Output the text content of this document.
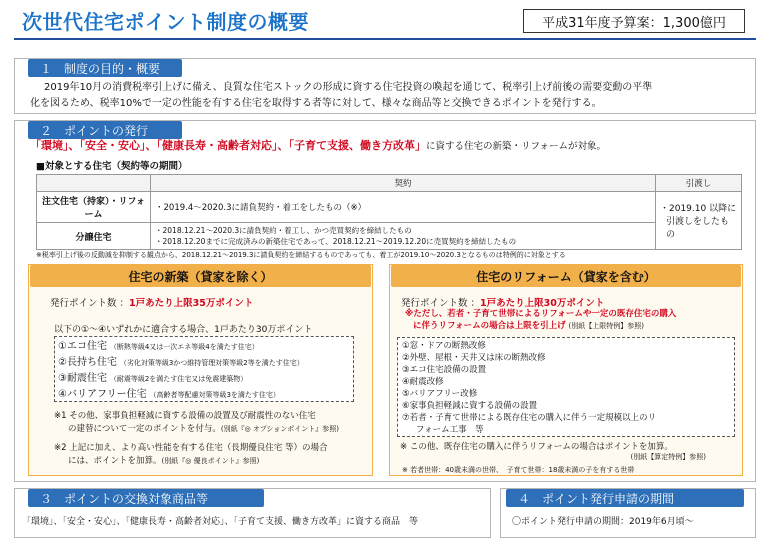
次世代住宅ポイント制度の概要	平成31年度予算案：1,300億円
１　制度の目的・概要
2019年10月の消費税率引上げに備え、良質な住宅ストックの形成に資する住宅投資の喚起を通じて、税率引上げ前後の需要変動の平準
化を図るため、税率10%で一定の性能を有する住宅を取得する者等に対して、様々な商品等と交換できるポイントを発行する。
２　ポイントの発行
「環境」、「安全・安心」、「健康長寿・高齢者対応」、「子育て支援、働き方改革」に資する住宅の新築・リフォームが対象。
■対象とする住宅（契約等の期間）
	契約	引渡し
注文住宅（持家）・リフォーム	・2019.4～2020.3に請負契約・着工をしたもの（※）	・2019.10 以降に
引渡しをしたもの

分譲住宅	・2018.12.21～2020.3に請負契約・着工し、かつ売買契約を締結したもの
・2018.12.20までに完成済みの新築住宅であって、2018.12.21～2019.12.20に売買契約を締結したもの	
※税率引上げ後の反動減を抑制する観点から、2018.12.21～2019.3に請負契約を締結するものであっても、着工が2019.10～2020.3となるものは特例的に対象とする
住宅の新築（貸家を除く）
発行ポイント数 ：1戸あたり上限35万ポイント
以下の①～④いずれかに適合する場合、1戸あたり30万ポイント
①エコ住宅 （断熱等級4又は一次エネ等級4を満たす住宅）
②長持ち住宅 （劣化対策等級3かつ維持管理対策等級2等を満たす住宅）
③耐震住宅 （耐震等級2を満たす住宅又は免震建築物）
④バリアフリー住宅 （高齢者等配慮対策等級3を満たす住宅）
※1 その他、家事負担軽減に資する設備の設置及び耐震性のない住宅
の建替について一定のポイントを付与。(別紙『◎ オプションポイント』参照)
※2 上記に加え、より高い性能を有する住宅（長期優良住宅 等）の場合
には、ポイントを加算。(別紙『◎ 優良ポイント』参照)
住宅のリフォーム（貸家を含む）
発行ポイント数 ：1戸あたり上限30万ポイント
※ただし、若者・子育て世帯によるリフォームや一定の既存住宅の購入
に伴うリフォームの場合は上限を引上げ (別紙【上限特例】参照)
①窓・ドアの断熱改修
②外壁、屋根・天井又は床の断熱改修
③エコ住宅設備の設置
④耐震改修
⑤バリアフリー改修
⑥家事負担軽減に資する設備の設置
⑦若者・子育て世帯による既存住宅の購入に伴う一定規模以上のリ
フォーム工事　等
※ この他、既存住宅の購入に伴うリフォームの場合はポイントを加算。
(別紙【算定特例】参照)
※ 若者世帯：40歳未満の世帯、　子育て世帯：18歳未満の子を有する世帯
３　ポイントの交換対象商品等
「環境」、「安全・安心」、「健康長寿・高齢者対応」、「子育て支援、働き方改革」に資する商品　等
４　ポイント発行申請の期間
〇ポイント発行申請の期間：2019年6月頃～
